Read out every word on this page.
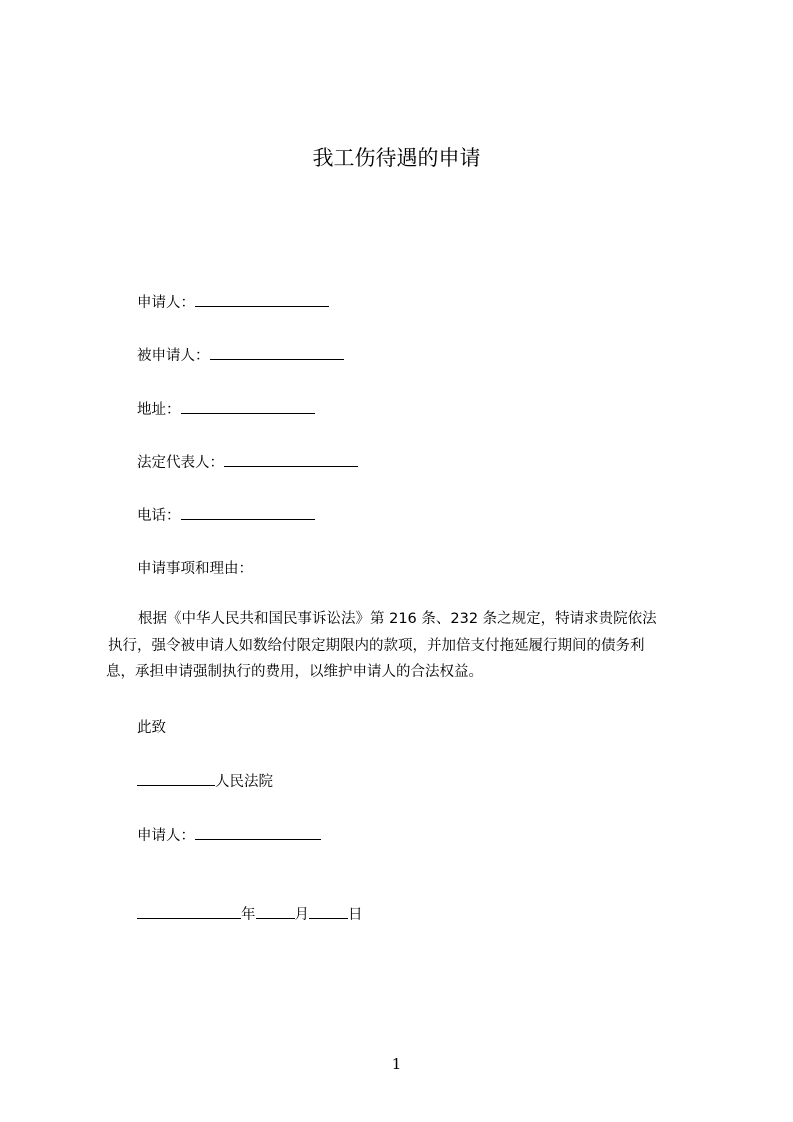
我工伤待遇的申请
申请人：
被申请人：
地址：
法定代表人：
电话：
申请事项和理由：
根据《中华人民共和国民事诉讼法》第 216 条、232 条之规定，特请求贵院依法
执行，强令被申请人如数给付限定期限内的款项，并加倍支付拖延履行期间的债务利
息，承担申请强制执行的费用，以维护申请人的合法权益。
此致
人民法院
申请人：
年	月	日
1
